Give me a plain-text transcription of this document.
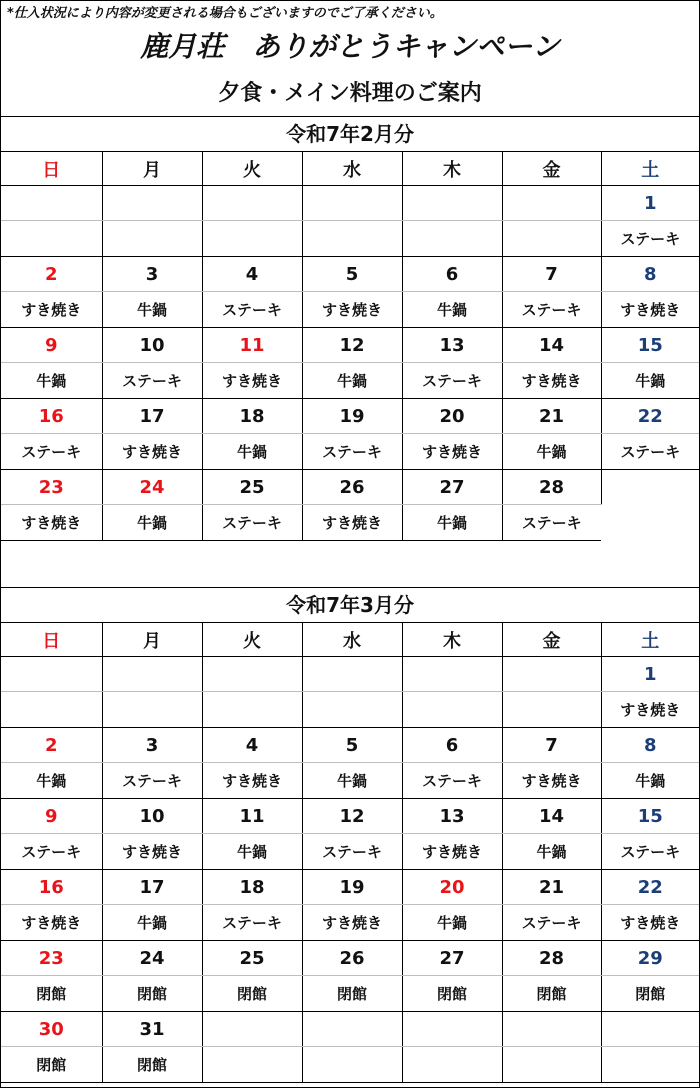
*仕入状況により内容が変更される場合もございますのでご了承ください。
鹿月荘　ありがとうキャンペーン
夕食・メイン料理のご案内
令和7年2月分						
日	月	火	水	木	金	土
						1
						ステーキ
2	3	4	5	6	7	8
すき焼き	牛鍋	ステーキ	すき焼き	牛鍋	ステーキ	すき焼き
9	10	11	12	13	14	15
牛鍋	ステーキ	すき焼き	牛鍋	ステーキ	すき焼き	牛鍋
16	17	18	19	20	21	22
ステーキ	すき焼き	牛鍋	ステーキ	すき焼き	牛鍋	ステーキ
23	24	25	26	27	28	
すき焼き	牛鍋	ステーキ	すき焼き	牛鍋	ステーキ	
令和7年3月分						
日	月	火	水	木	金	土
						1
						すき焼き
2	3	4	5	6	7	8
牛鍋	ステーキ	すき焼き	牛鍋	ステーキ	すき焼き	牛鍋
9	10	11	12	13	14	15
ステーキ	すき焼き	牛鍋	ステーキ	すき焼き	牛鍋	ステーキ
16	17	18	19	20	21	22
すき焼き	牛鍋	ステーキ	すき焼き	牛鍋	ステーキ	すき焼き
23	24	25	26	27	28	29
閉館	閉館	閉館	閉館	閉館	閉館	閉館
30	31					
閉館	閉館					
